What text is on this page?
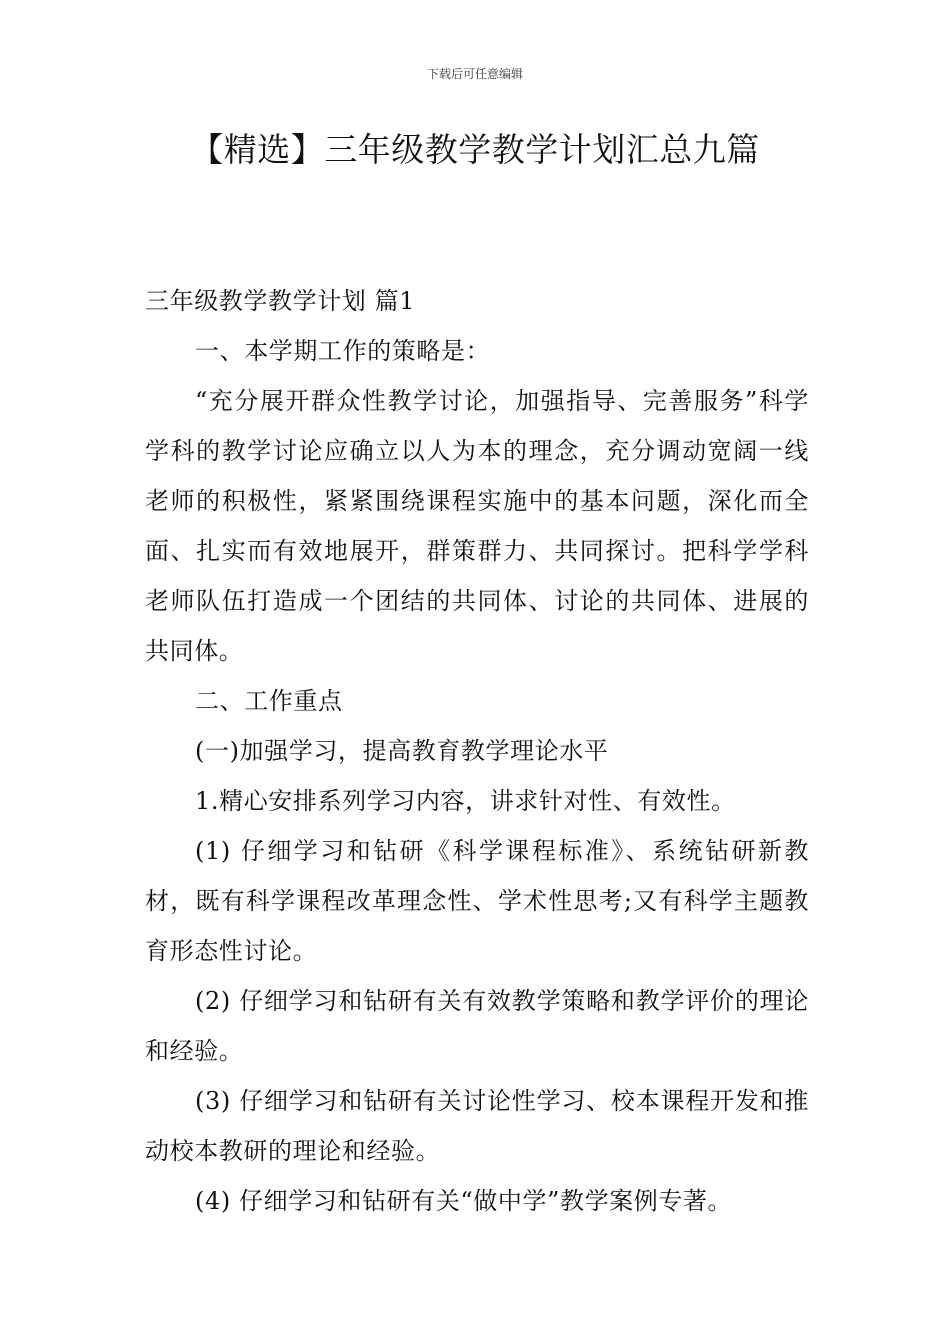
下载后可任意编辑
【精选】三年级教学教学计划汇总九篇

三年级教学教学计划 篇1

一、本学期工作的策略是：

“充分展开群众性教学讨论，加强指导、完善服务”科学学科的教学讨论应确立以人为本的理念，充分调动宽阔一线老师的积极性，紧紧围绕课程实施中的基本问题，深化而全面、扎实而有效地展开，群策群力、共同探讨。把科学学科老师队伍打造成一个团结的共同体、讨论的共同体、进展的共同体。

二、工作重点

(一)加强学习，提高教育教学理论水平

1.精心安排系列学习内容，讲求针对性、有效性。

(1) 仔细学习和钻研《科学课程标准》、系统钻研新教材，既有科学课程改革理念性、学术性思考;又有科学主题教育形态性讨论。

(2) 仔细学习和钻研有关有效教学策略和教学评价的理论和经验。

(3) 仔细学习和钻研有关讨论性学习、校本课程开发和推动校本教研的理论和经验。

(4) 仔细学习和钻研有关“做中学”教学案例专著。
